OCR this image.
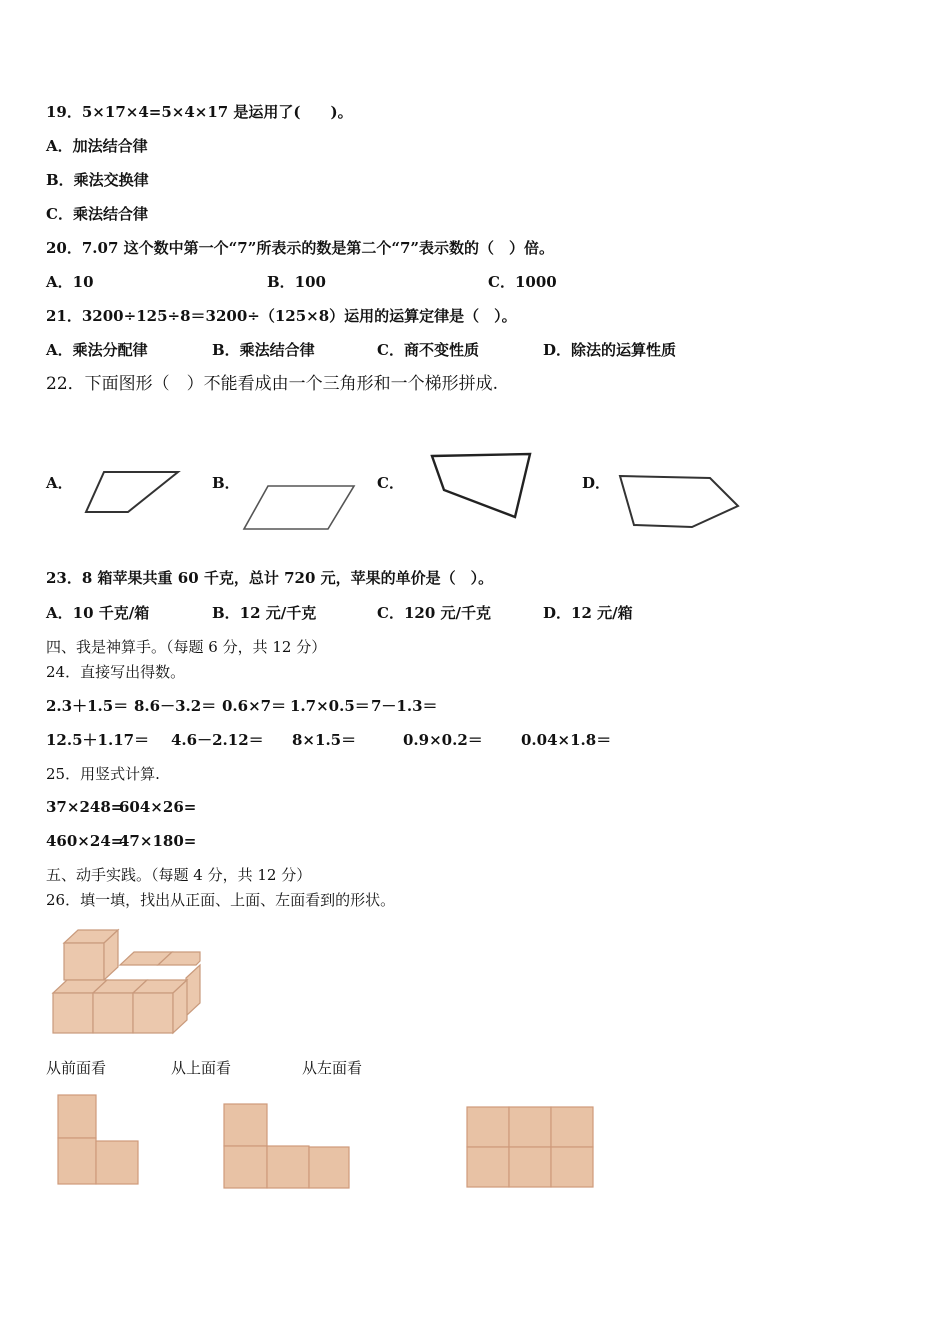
19．5×17×4=5×4×17 是运用了(　　)。
A．加法结合律
B．乘法交换律
C．乘法结合律
20．7.07 这个数中第一个“7”所表示的数是第二个“7”表示数的（　）倍。
A．10	B．100	C．1000
21．3200÷125÷8＝3200÷（125×8）运用的运算定律是（　）。
A．乘法分配律	B．乘法结合律	C．商不变性质	D．除法的运算性质
22．下面图形（　）不能看成由一个三角形和一个梯形拼成.
A．	B．	C．	D．
23．8 箱苹果共重 60 千克，总计 720 元，苹果的单价是（　）。
A．10 千克/箱	B．12 元/千克	C．120 元/千克	D．12 元/箱
四、我是神算手。（每题 6 分，共 12 分）
24．直接写出得数。
2.3＋1.5＝ 8.6－3.2＝ 0.6×7＝ 1.7×0.5＝ 7－1.3＝
12.5＋1.17＝ 4.6－2.12＝ 8×1.5＝	0.9×0.2＝	0.04×1.8＝
25．用竖式计算.
37×248=
604×26=
460×24=
47×180=
五、动手实践。（每题 4 分，共 12 分）
26．填一填，找出从正面、上面、左面看到的形状。
从前面看	从上面看	从左面看
